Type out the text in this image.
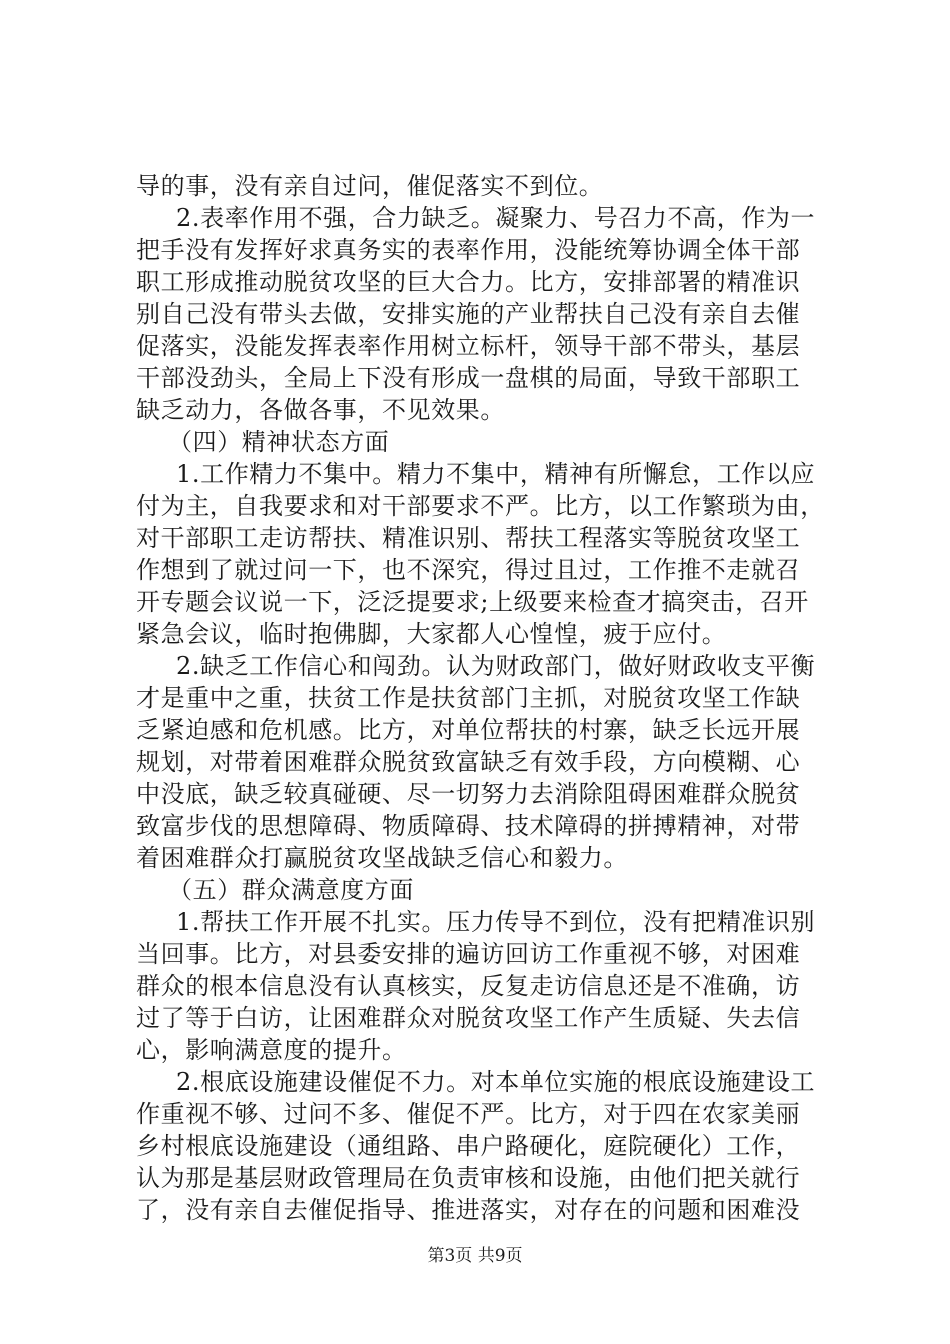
导的事，没有亲自过问，催促落实不到位。
2.表率作用不强，合力缺乏。凝聚力、号召力不高，作为一
把手没有发挥好求真务实的表率作用，没能统筹协调全体干部
职工形成推动脱贫攻坚的巨大合力。比方，安排部署的精准识
别自己没有带头去做，安排实施的产业帮扶自己没有亲自去催
促落实，没能发挥表率作用树立标杆，领导干部不带头，基层
干部没劲头，全局上下没有形成一盘棋的局面，导致干部职工
缺乏动力，各做各事，不见效果。
（四）精神状态方面
1.工作精力不集中。精力不集中，精神有所懈怠，工作以应
付为主，自我要求和对干部要求不严。比方，以工作繁琐为由，
对干部职工走访帮扶、精准识别、帮扶工程落实等脱贫攻坚工
作想到了就过问一下，也不深究，得过且过，工作推不走就召
开专题会议说一下，泛泛提要求;上级要来检查才搞突击，召开
紧急会议，临时抱佛脚，大家都人心惶惶，疲于应付。
2.缺乏工作信心和闯劲。认为财政部门，做好财政收支平衡
才是重中之重，扶贫工作是扶贫部门主抓，对脱贫攻坚工作缺
乏紧迫感和危机感。比方，对单位帮扶的村寨，缺乏长远开展
规划，对带着困难群众脱贫致富缺乏有效手段，方向模糊、心
中没底，缺乏较真碰硬、尽一切努力去消除阻碍困难群众脱贫
致富步伐的思想障碍、物质障碍、技术障碍的拼搏精神，对带
着困难群众打赢脱贫攻坚战缺乏信心和毅力。
（五）群众满意度方面
1.帮扶工作开展不扎实。压力传导不到位，没有把精准识别
当回事。比方，对县委安排的遍访回访工作重视不够，对困难
群众的根本信息没有认真核实，反复走访信息还是不准确，访
过了等于白访，让困难群众对脱贫攻坚工作产生质疑、失去信
心，影响满意度的提升。
2.根底设施建设催促不力。对本单位实施的根底设施建设工
作重视不够、过问不多、催促不严。比方，对于四在农家美丽
乡村根底设施建设（通组路、串户路硬化，庭院硬化）工作，
认为那是基层财政管理局在负责审核和设施，由他们把关就行
了，没有亲自去催促指导、推进落实，对存在的问题和困难没
第3页 共9页
